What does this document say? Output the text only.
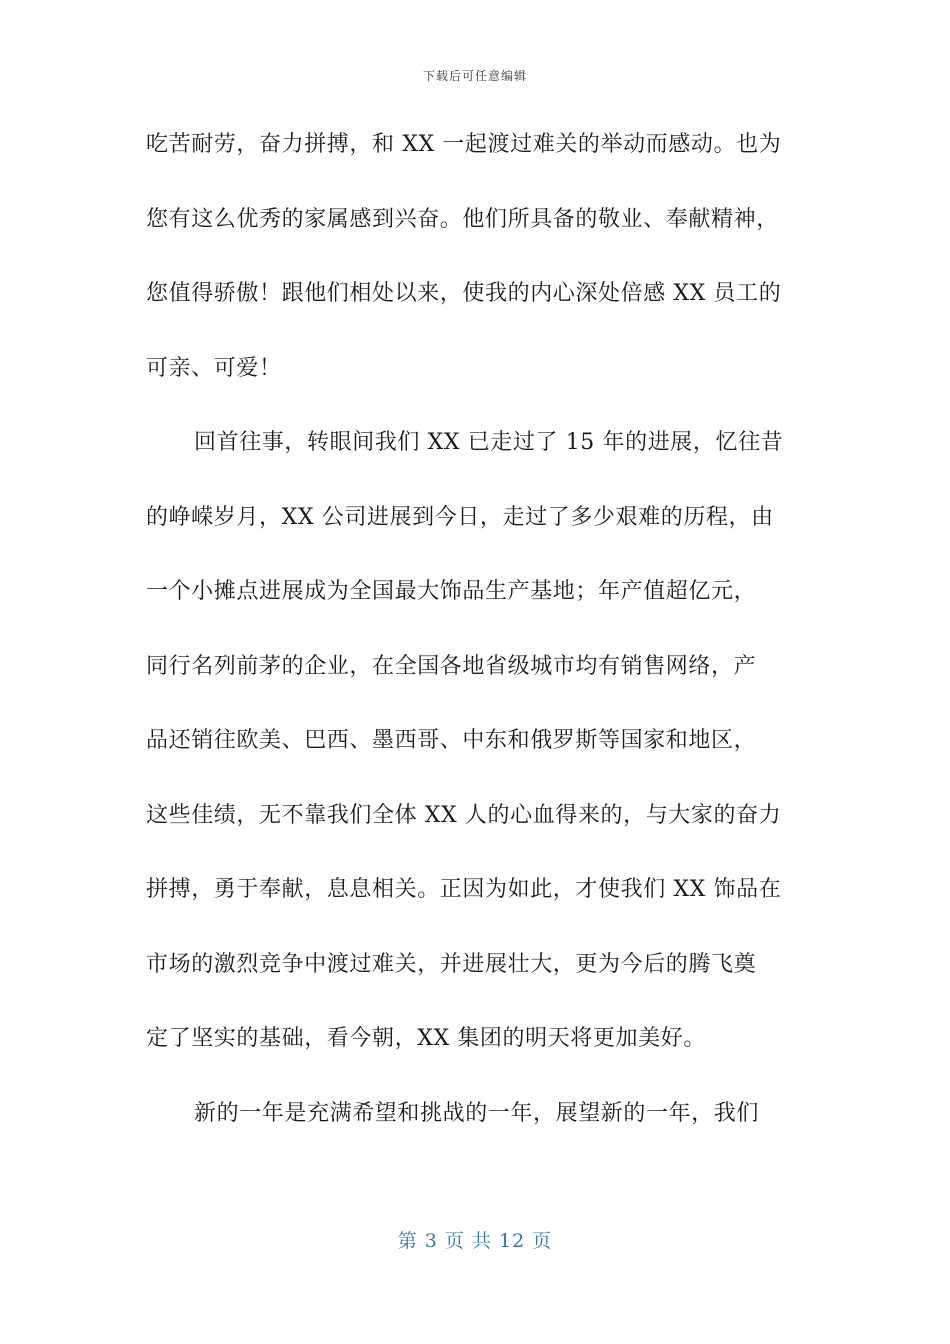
下载后可任意编辑
吃苦耐劳，奋力拼搏，和 XX 一起渡过难关的举动而感动。也为
您有这么优秀的家属感到兴奋。他们所具备的敬业、奉献精神，
您值得骄傲！跟他们相处以来，使我的内心深处倍感 XX 员工的
可亲、可爱！
回首往事，转眼间我们 XX 已走过了 15 年的进展，忆往昔
的峥嵘岁月，XX 公司进展到今日，走过了多少艰难的历程，由
一个小摊点进展成为全国最大饰品生产基地；年产值超亿元，
同行名列前茅的企业，在全国各地省级城市均有销售网络，产
品还销往欧美、巴西、墨西哥、中东和俄罗斯等国家和地区，
这些佳绩，无不靠我们全体 XX 人的心血得来的，与大家的奋力
拼搏，勇于奉献，息息相关。正因为如此，才使我们 XX 饰品在
市场的激烈竞争中渡过难关，并进展壮大，更为今后的腾飞奠
定了坚实的基础，看今朝，XX 集团的明天将更加美好。
新的一年是充满希望和挑战的一年，展望新的一年，我们
第 3 页 共 12 页
